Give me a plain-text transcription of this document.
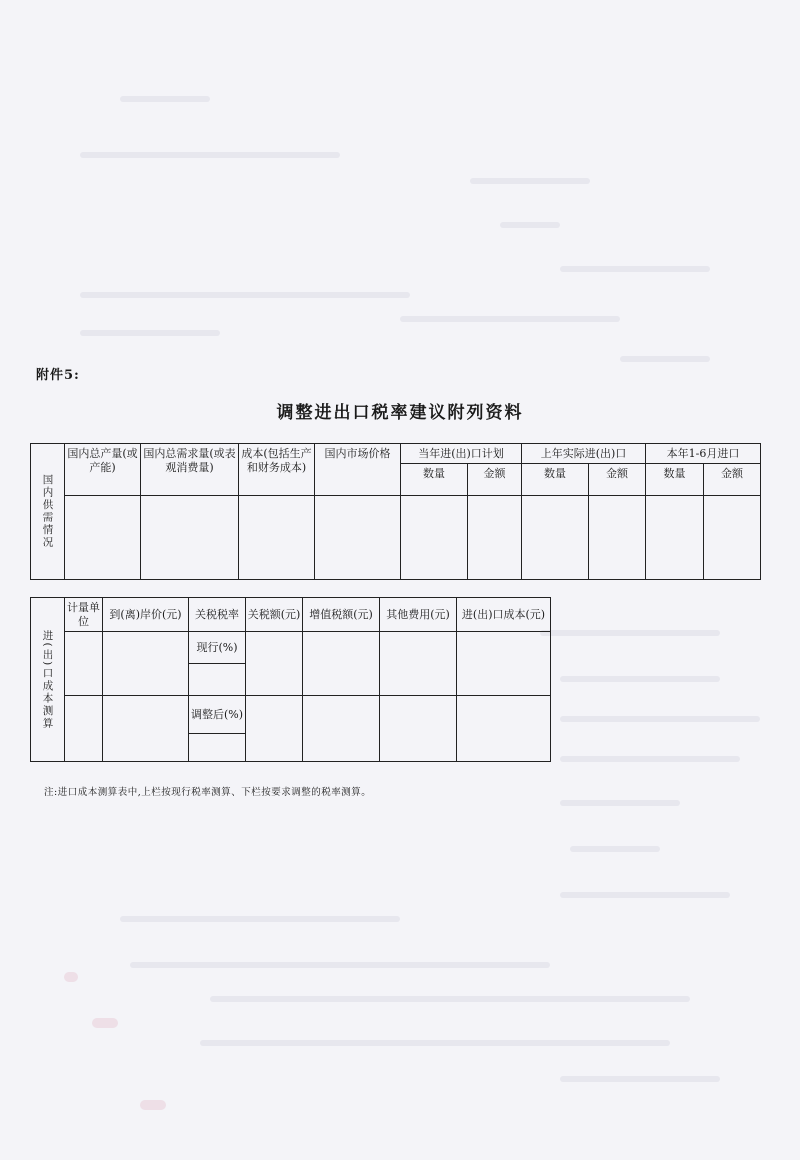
附件5:
调整进出口税率建议附列资料
国内供需情况	国内总产量(或产能)	国内总需求量(或表观消费量)	成本(包括生产和财务成本)	国内市场价格	当年进(出)口计划		上年实际进(出)口		本年1-6月进口	
					数量	金额	数量	金额	数量	金额

进(出)口成本测算	计量单位	到(离)岸价(元)	关税税率	关税额(元)	增值税额(元)	其他费用(元)	进(出)口成本(元)
			现行(%)				

			调整后(%)				

注:进口成本测算表中,上栏按现行税率测算、下栏按要求调整的税率测算。
